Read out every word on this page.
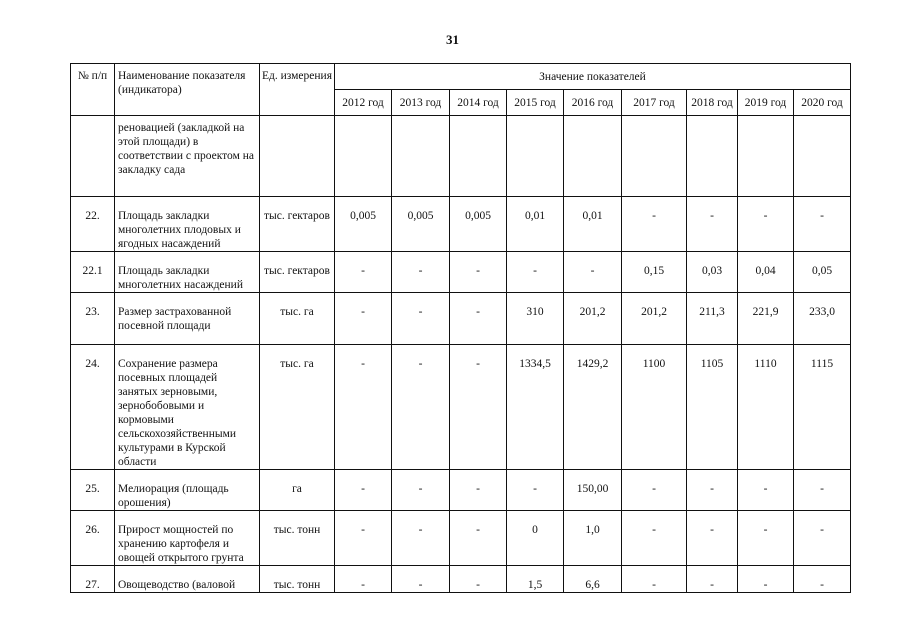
31
№ п/п	Наименование показателя (индикатора)	Ед. измерения	Значение показателей								
			2012 год	2013 год	2014 год	2015 год	2016 год	2017 год	2018 год	2019 год	2020 год
	реновацией (закладкой на этой площади) в соответствии с проектом на закладку сада										
22.	Площадь закладки многолетних плодовых и ягодных насаждений	тыс. гектаров	0,005	0,005	0,005	0,01	0,01	-	-	-	-
22.1	Площадь закладки многолетних насаждений	тыс. гектаров	-	-	-	-	-	0,15	0,03	0,04	0,05
23.	Размер застрахованной посевной площади	тыс. га	-	-	-	310	201,2	201,2	211,3	221,9	233,0
24.	Сохранение размера посевных площадей занятых зерновыми, зернобобовыми и кормовыми сельскохозяйственными культурами в Курской области	тыс. га	-	-	-	1334,5	1429,2	1100	1105	1110	1115
25.	Мелиорация (площадь орошения)	га	-	-	-	-	150,00	-	-	-	-
26.	Прирост мощностей по хранению картофеля и овощей открытого грунта	тыс. тонн	-	-	-	0	1,0	-	-	-	-
27.	Овощеводство (валовой	тыс. тонн	-	-	-	1,5	6,6	-	-	-	-
